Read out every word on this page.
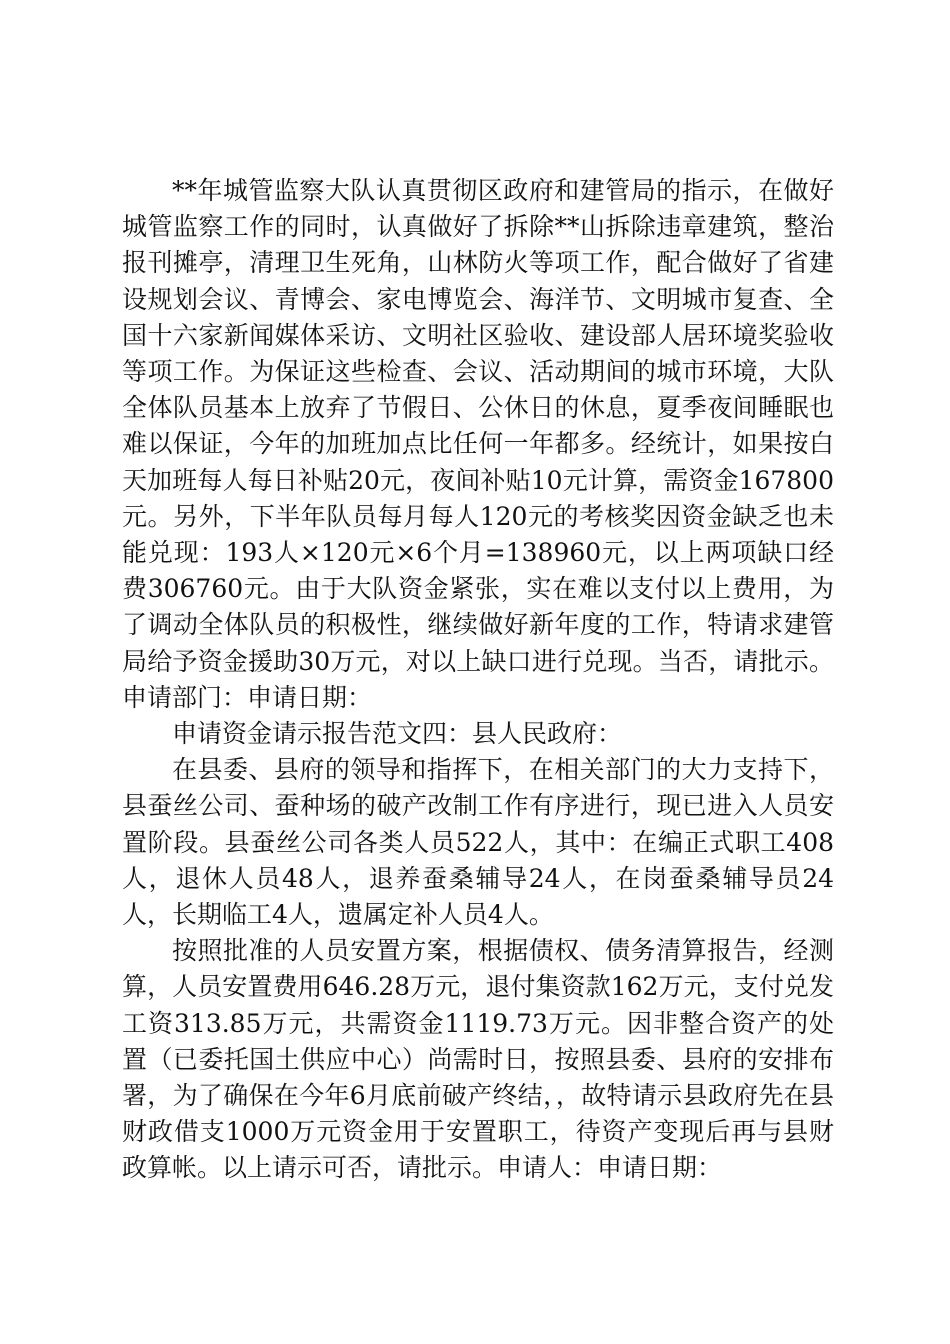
**年城管监察大队认真贯彻区政府和建管局的指示，在做好城管监察工作的同时，认真做好了拆除**山拆除违章建筑，整治报刊摊亭，清理卫生死角，山林防火等项工作，配合做好了省建设规划会议、青博会、家电博览会、海洋节、文明城市复查、全国十六家新闻媒体采访、文明社区验收、建设部人居环境奖验收等项工作。为保证这些检查、会议、活动期间的城市环境，大队全体队员基本上放弃了节假日、公休日的休息，夏季夜间睡眠也难以保证，今年的加班加点比任何一年都多。经统计，如果按白天加班每人每日补贴20元，夜间补贴10元计算，需资金167800元。另外，下半年队员每月每人120元的考核奖因资金缺乏也未能兑现：193人×120元×6个月=138960元，以上两项缺口经费306760元。由于大队资金紧张，实在难以支付以上费用，为了调动全体队员的积极性，继续做好新年度的工作，特请求建管局给予资金援助30万元，对以上缺口进行兑现。当否，请批示。申请部门：申请日期：

申请资金请示报告范文四：县人民政府：

在县委、县府的领导和指挥下，在相关部门的大力支持下，县蚕丝公司、蚕种场的破产改制工作有序进行，现已进入人员安置阶段。县蚕丝公司各类人员522人，其中：在编正式职工408人，退休人员48人，退养蚕桑辅导24人，在岗蚕桑辅导员24人，长期临工4人，遗属定补人员4人。

按照批准的人员安置方案，根据债权、债务清算报告，经测算，人员安置费用646.28万元，退付集资款162万元，支付兑发工资313.85万元，共需资金1119.73万元。因非整合资产的处置（已委托国土供应中心）尚需时日，按照县委、县府的安排布署，为了确保在今年6月底前破产终结，，故特请示县政府先在县财政借支1000万元资金用于安置职工，待资产变现后再与县财政算帐。以上请示可否，请批示。申请人：申请日期：
